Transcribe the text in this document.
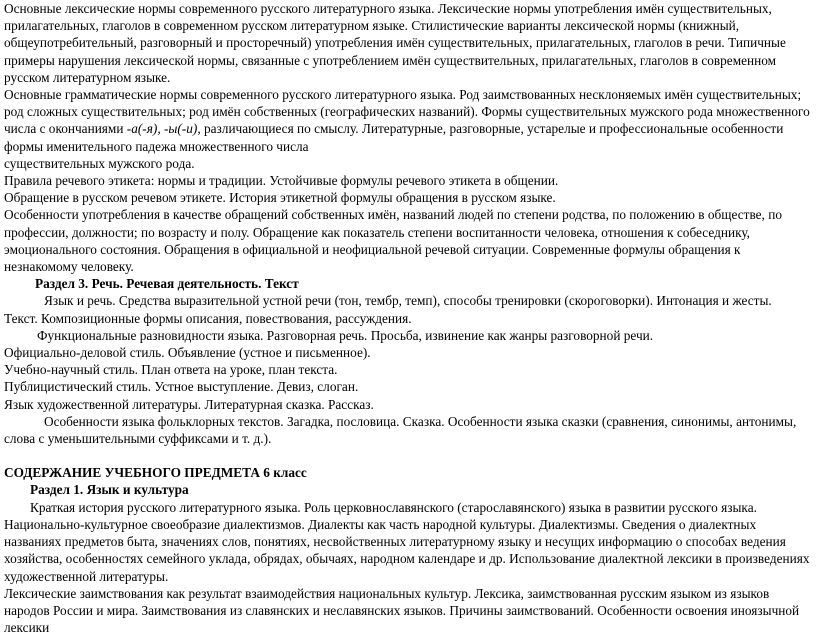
Основные лексические нормы современного русского литературного языка. Лексические нормы употребления имён существительных, прилагательных, глаголов в современном русском литературном языке. Стилистические варианты лексической нормы (книжный, общеупотребительный, разговорный и просторечный) употребления имён существительных, прилагательных, глаголов в речи. Типичные примеры нарушения лексической нормы, связанные с употреблением имён существительных, прилагательных, глаголов в современном русском литературном языке.

Основные грамматические нормы современного русского литературного языка. Род заимствованных несклоняемых имён существительных; род сложных существительных; род имён собственных (географических названий). Формы существительных мужского рода множественного числа с окончаниями -а(-я), -ы(-и), различающиеся по смыслу. Литературные, разговорные, устарелые и профессиональные особенности формы именительного падежа множественного числа

существительных мужского рода.

Правила речевого этикета: нормы и традиции. Устойчивые формулы речевого этикета в общении.

Обращение в русском речевом этикете. История этикетной формулы обращения в русском языке.

Особенности употребления в качестве обращений собственных имён, названий людей по степени родства, по положению в обществе, по профессии, должности; по возрасту и полу. Обращение как показатель степени воспитанности человека, отношения к собеседнику, эмоционального состояния. Обращения в официальной и неофициальной речевой ситуации. Современные формулы обращения к незнакомому человеку.

Раздел 3. Речь. Речевая деятельность. Текст

Язык и речь. Средства выразительной устной речи (тон, тембр, темп), способы тренировки (скороговорки). Интонация и жесты.

Текст. Композиционные формы описания, повествования, рассуждения.

Функциональные разновидности языка. Разговорная речь. Просьба, извинение как жанры разговорной речи.

Официально-деловой стиль. Объявление (устное и письменное).

Учебно-научный стиль. План ответа на уроке, план текста.

Публицистический стиль. Устное выступление. Девиз, слоган.

Язык художественной литературы. Литературная сказка. Рассказ.

Особенности языка фольклорных текстов. Загадка, пословица. Сказка. Особенности языка сказки (сравнения, синонимы, антонимы, слова с уменьшительными суффиксами и т. д.).

СОДЕРЖАНИЕ УЧЕБНОГО ПРЕДМЕТА 6 класс

Раздел 1. Язык и культура

Краткая история русского литературного языка. Роль церковнославянского (старославянского) языка в развитии русского языка. Национально-культурное своеобразие диалектизмов. Диалекты как часть народной культуры. Диалектизмы. Сведения о диалектных названиях предметов быта, значениях слов, понятиях, несвойственных литературному языку и несущих информацию о способах ведения хозяйства, особенностях семейного уклада, обрядах, обычаях, народном календаре и др. Использование диалектной лексики в произведениях художественной литературы.

Лексические заимствования как результат взаимодействия национальных культур. Лексика, заимствованная русским языком из языков народов России и мира. Заимствования из славянских и неславянских языков. Причины заимствований. Особенности освоения иноязычной лексики
